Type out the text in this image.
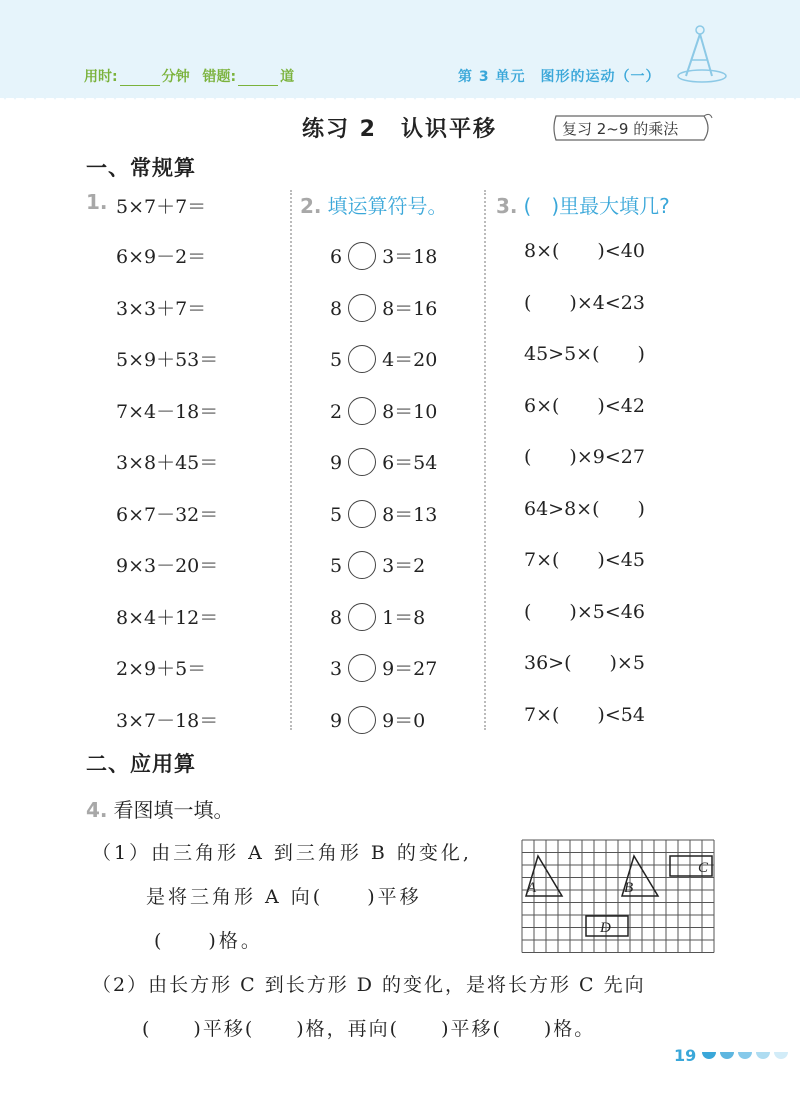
用时:	分钟 错题:	道	第 3 单元　图形的运动（一）
练习 2　认识平移	复习 2~9 的乘法
一、常规算
1. 5×7＋7＝
6×9－2＝
3×3＋7＝
5×9＋53＝
7×4－18＝
3×8＋45＝
6×7－32＝
9×3－20＝
8×4＋12＝
2×9＋5＝
3×7－18＝
2. 填运算符号。
6 3＝18
8 8＝16
5 4＝20
2 8＝10
9 6＝54
5 8＝13
5 3＝2
8 1＝8
3 9＝27
9 9＝0
3. (　)里最大填几?
8×(　　)<40
(　　)×4<23
45>5×(　　)
6×(　　)<42
(　　)×9<27
64>8×(　　)
7×(　　)<45
(　　)×5<46
36>(　　)×5
7×(　　)<54
二、应用算
4. 看图填一填。
（1）由三角形 A 到三角形 B 的变化,
是将三角形 A 向(　　)平移
(　　)格。
（2）由长方形 C 到长方形 D 的变化，是将长方形 C 先向
(　　)平移(　　)格，再向(　　)平移(　　)格。
A	B
C
D
19
